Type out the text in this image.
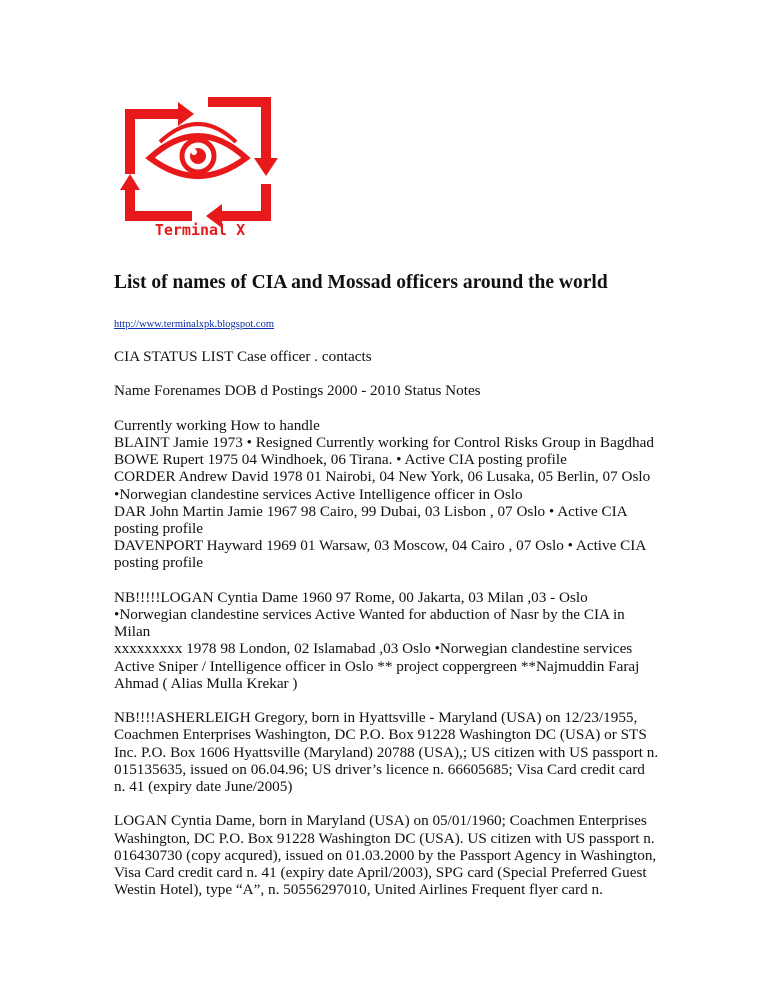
Terminal X
List of names of CIA and Mossad officers around the world
http://www.terminalxpk.blogspot.com

CIA STATUS LIST Case officer . contacts

Name Forenames DOB d Postings 2000 - 2010 Status Notes

Currently working How to handle

BLAINT Jamie 1973 • Resigned Currently working for Control Risks Group in Bagdhad

BOWE Rupert 1975 04 Windhoek, 06 Tirana. • Active CIA posting profile

CORDER Andrew David 1978 01 Nairobi, 04 New York, 06 Lusaka, 05 Berlin, 07 Oslo

•Norwegian clandestine services Active Intelligence officer in Oslo

DAR John Martin Jamie 1967 98 Cairo, 99 Dubai, 03 Lisbon , 07 Oslo • Active CIA

posting profile

DAVENPORT Hayward 1969 01 Warsaw, 03 Moscow, 04 Cairo , 07 Oslo • Active CIA

posting profile

NB!!!!!LOGAN Cyntia Dame 1960 97 Rome, 00 Jakarta, 03 Milan ,03 - Oslo

•Norwegian clandestine services Active Wanted for abduction of Nasr by the CIA in

Milan

xxxxxxxxx 1978 98 London, 02 Islamabad ,03 Oslo •Norwegian clandestine services

Active Sniper / Intelligence officer in Oslo ** project coppergreen **Najmuddin Faraj

Ahmad ( Alias Mulla Krekar )

NB!!!!ASHERLEIGH Gregory, born in Hyattsville - Maryland (USA) on 12/23/1955,

Coachmen Enterprises Washington, DC P.O. Box 91228 Washington DC (USA) or STS

Inc. P.O. Box 1606 Hyattsville (Maryland) 20788 (USA),; US citizen with US passport n.

015135635, issued on 06.04.96; US driver’s licence n. 66605685; Visa Card credit card

n. 41 (expiry date June/2005)

LOGAN Cyntia Dame, born in Maryland (USA) on 05/01/1960; Coachmen Enterprises

Washington, DC P.O. Box 91228 Washington DC (USA). US citizen with US passport n.

016430730 (copy acqured), issued on 01.03.2000 by the Passport Agency in Washington,

Visa Card credit card n. 41 (expiry date April/2003), SPG card (Special Preferred Guest

Westin Hotel), type “A”, n. 50556297010, United Airlines Frequent flyer card n.
